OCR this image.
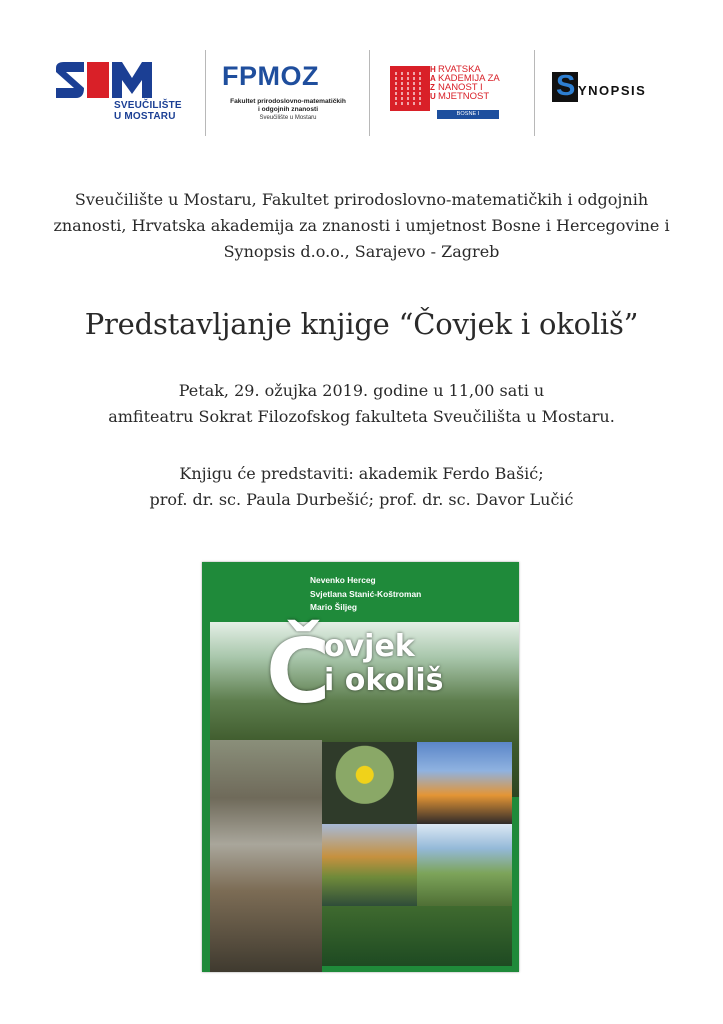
SVEUČILIŠTE
U MOSTARU
FPMOZ
Fakultet prirodoslovno-matematičkih
i odgojnih znanosti
Sveučilište u Mostaru
H
A
Z
U
RVATSKA
KADEMIJA ZA
NANOST I
MJETNOST
BOSNE I HERCEGOVINE
S YNOPSIS
Sveučilište u Mostaru, Fakultet prirodoslovno-matematičkih i odgojnih
znanosti, Hrvatska akademija za znanosti i umjetnost Bosne i Hercegovine i
Synopsis d.o.o., Sarajevo - Zagreb
Predstavljanje knjige “Čovjek i okoliš”
Petak, 29. ožujka 2019. godine u 11,00 sati u
amfiteatru Sokrat Filozofskog fakulteta Sveučilišta u Mostaru.
Knjigu će predstaviti: akademik Ferdo Bašić;
prof. dr. sc. Paula Durbešić; prof. dr. sc. Davor Lučić
Nevenko Herceg
Svjetlana Stanić-Koštroman
Mario Šiljeg
Č
ovjek
i okoliš
